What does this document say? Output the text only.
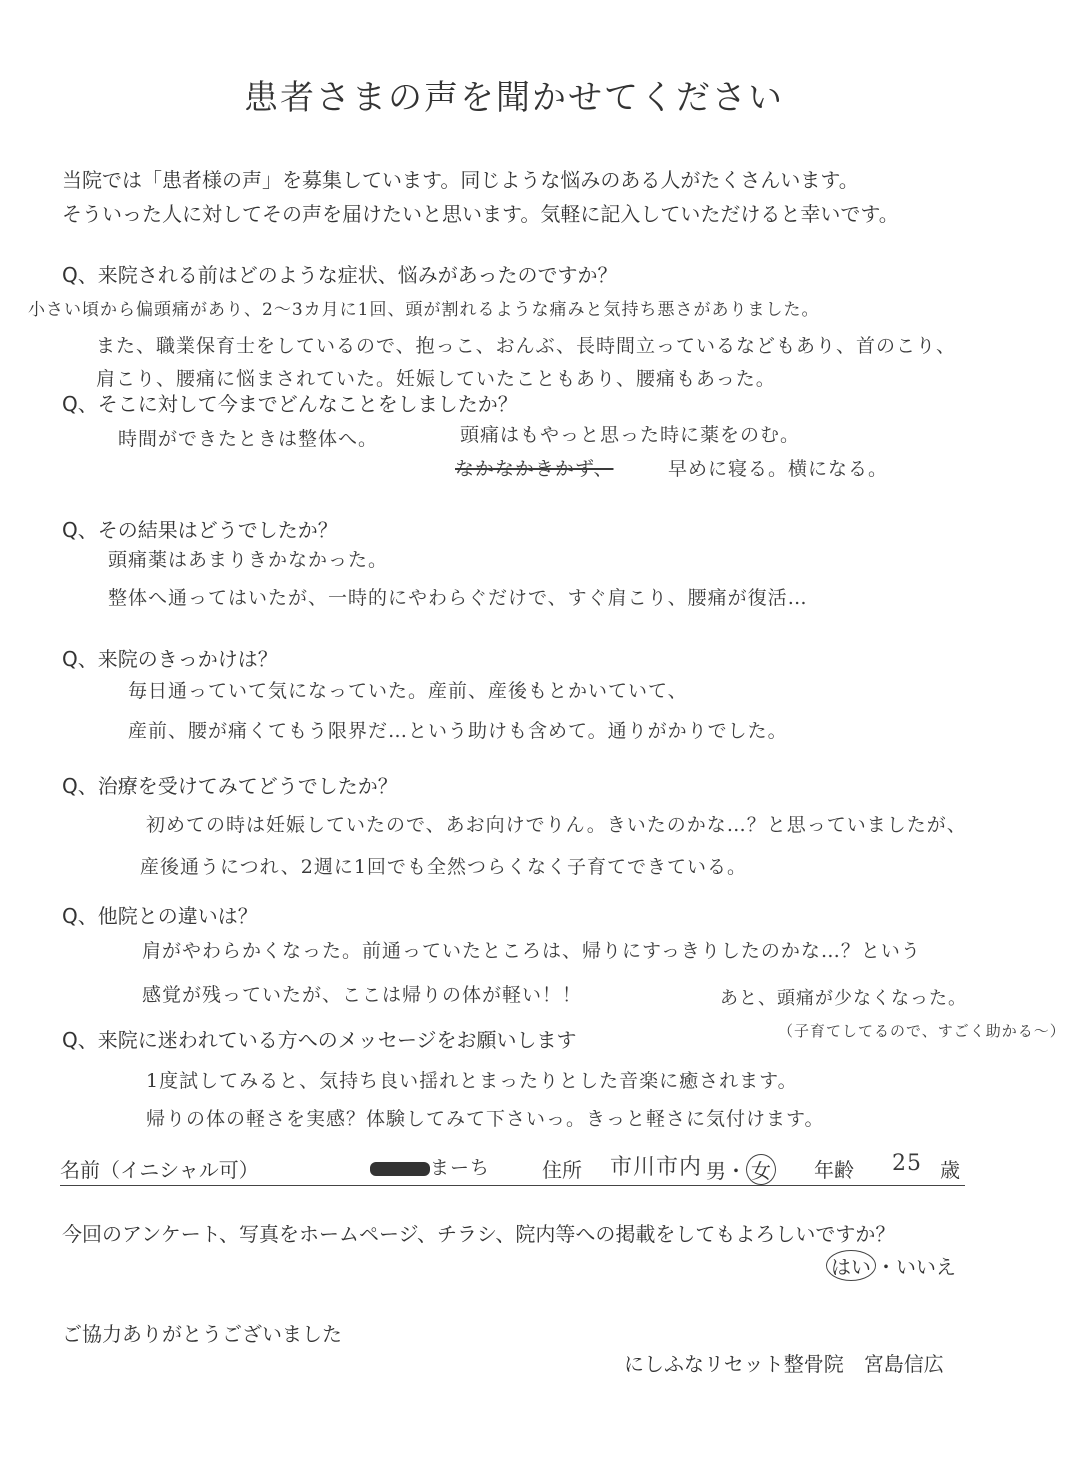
患者さまの声を聞かせてください
当院では「患者様の声」を募集しています。同じような悩みのある人がたくさんいます。
そういった人に対してその声を届けたいと思います。気軽に記入していただけると幸いです。
Q、来院される前はどのような症状、悩みがあったのですか？
小さい頃から偏頭痛があり、2〜3カ月に1回、頭が割れるような痛みと気持ち悪さがありました。
また、職業保育士をしているので、抱っこ、おんぶ、長時間立っているなどもあり、首のこり、
肩こり、腰痛に悩まされていた。妊娠していたこともあり、腰痛もあった。
Q、そこに対して今までどんなことをしましたか？
時間ができたときは整体へ。	頭痛はもやっと思った時に薬をのむ。
なかなかきかず、	早めに寝る。横になる。
Q、その結果はどうでしたか？
頭痛薬はあまりきかなかった。
整体へ通ってはいたが、一時的にやわらぐだけで、すぐ肩こり、腰痛が復活…
Q、来院のきっかけは？
毎日通っていて気になっていた。産前、産後もとかいていて、
産前、腰が痛くてもう限界だ…という助けも含めて。通りがかりでした。
Q、治療を受けてみてどうでしたか？
初めての時は妊娠していたので、あお向けでりん。きいたのかな…？と思っていましたが、
産後通うにつれ、2週に1回でも全然つらくなく子育てできている。
Q、他院との違いは？
肩がやわらかくなった。前通っていたところは、帰りにすっきりしたのかな…？という
感覚が残っていたが、ここは帰りの体が軽い！！	あと、頭痛が少なくなった。
（子育てしてるので、すごく助かる〜）
Q、来院に迷われている方へのメッセージをお願いします
1度試してみると、気持ち良い揺れとまったりとした音楽に癒されます。
帰りの体の軽さを実感？体験してみて下さいっ。きっと軽さに気付けます。
名前（イニシャル可）	まーち	住所 市川市内 男・ 女 年齢 25 歳
今回のアンケート、写真をホームページ、チラシ、院内等への掲載をしてもよろしいですか？
はい ・いいえ
ご協力ありがとうございました
にしふなリセット整骨院　宮島信広
